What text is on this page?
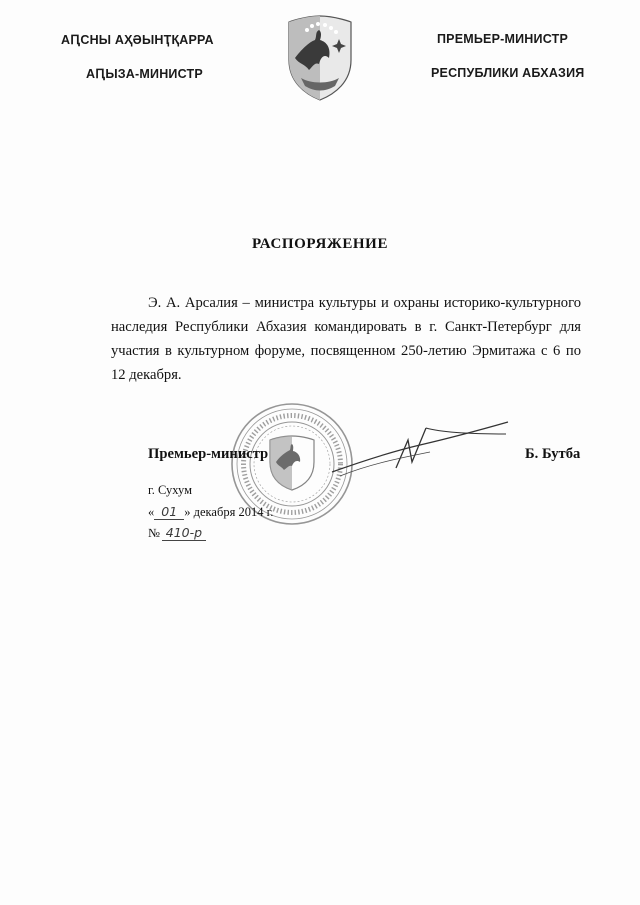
АԤСНЫ АҲӘЫНҬҚАРРА
АԤЫЗА-МИНИСТР
ПРЕМЬЕР-МИНИСТР
РЕСПУБЛИКИ АБХАЗИЯ
РАСПОРЯЖЕНИЕ

Э. А. Арсалия – министра культуры и охраны историко-культурного наследия Республики Абхазия командировать в г. Санкт-Петербург для участия в культурном форуме, посвященном 250-летию Эрмитажа с 6 по 12 декабря.

Премьер-министр	Б. Бутба
г. Сухум
« 01 » декабря 2014 г.
№ 410-р
